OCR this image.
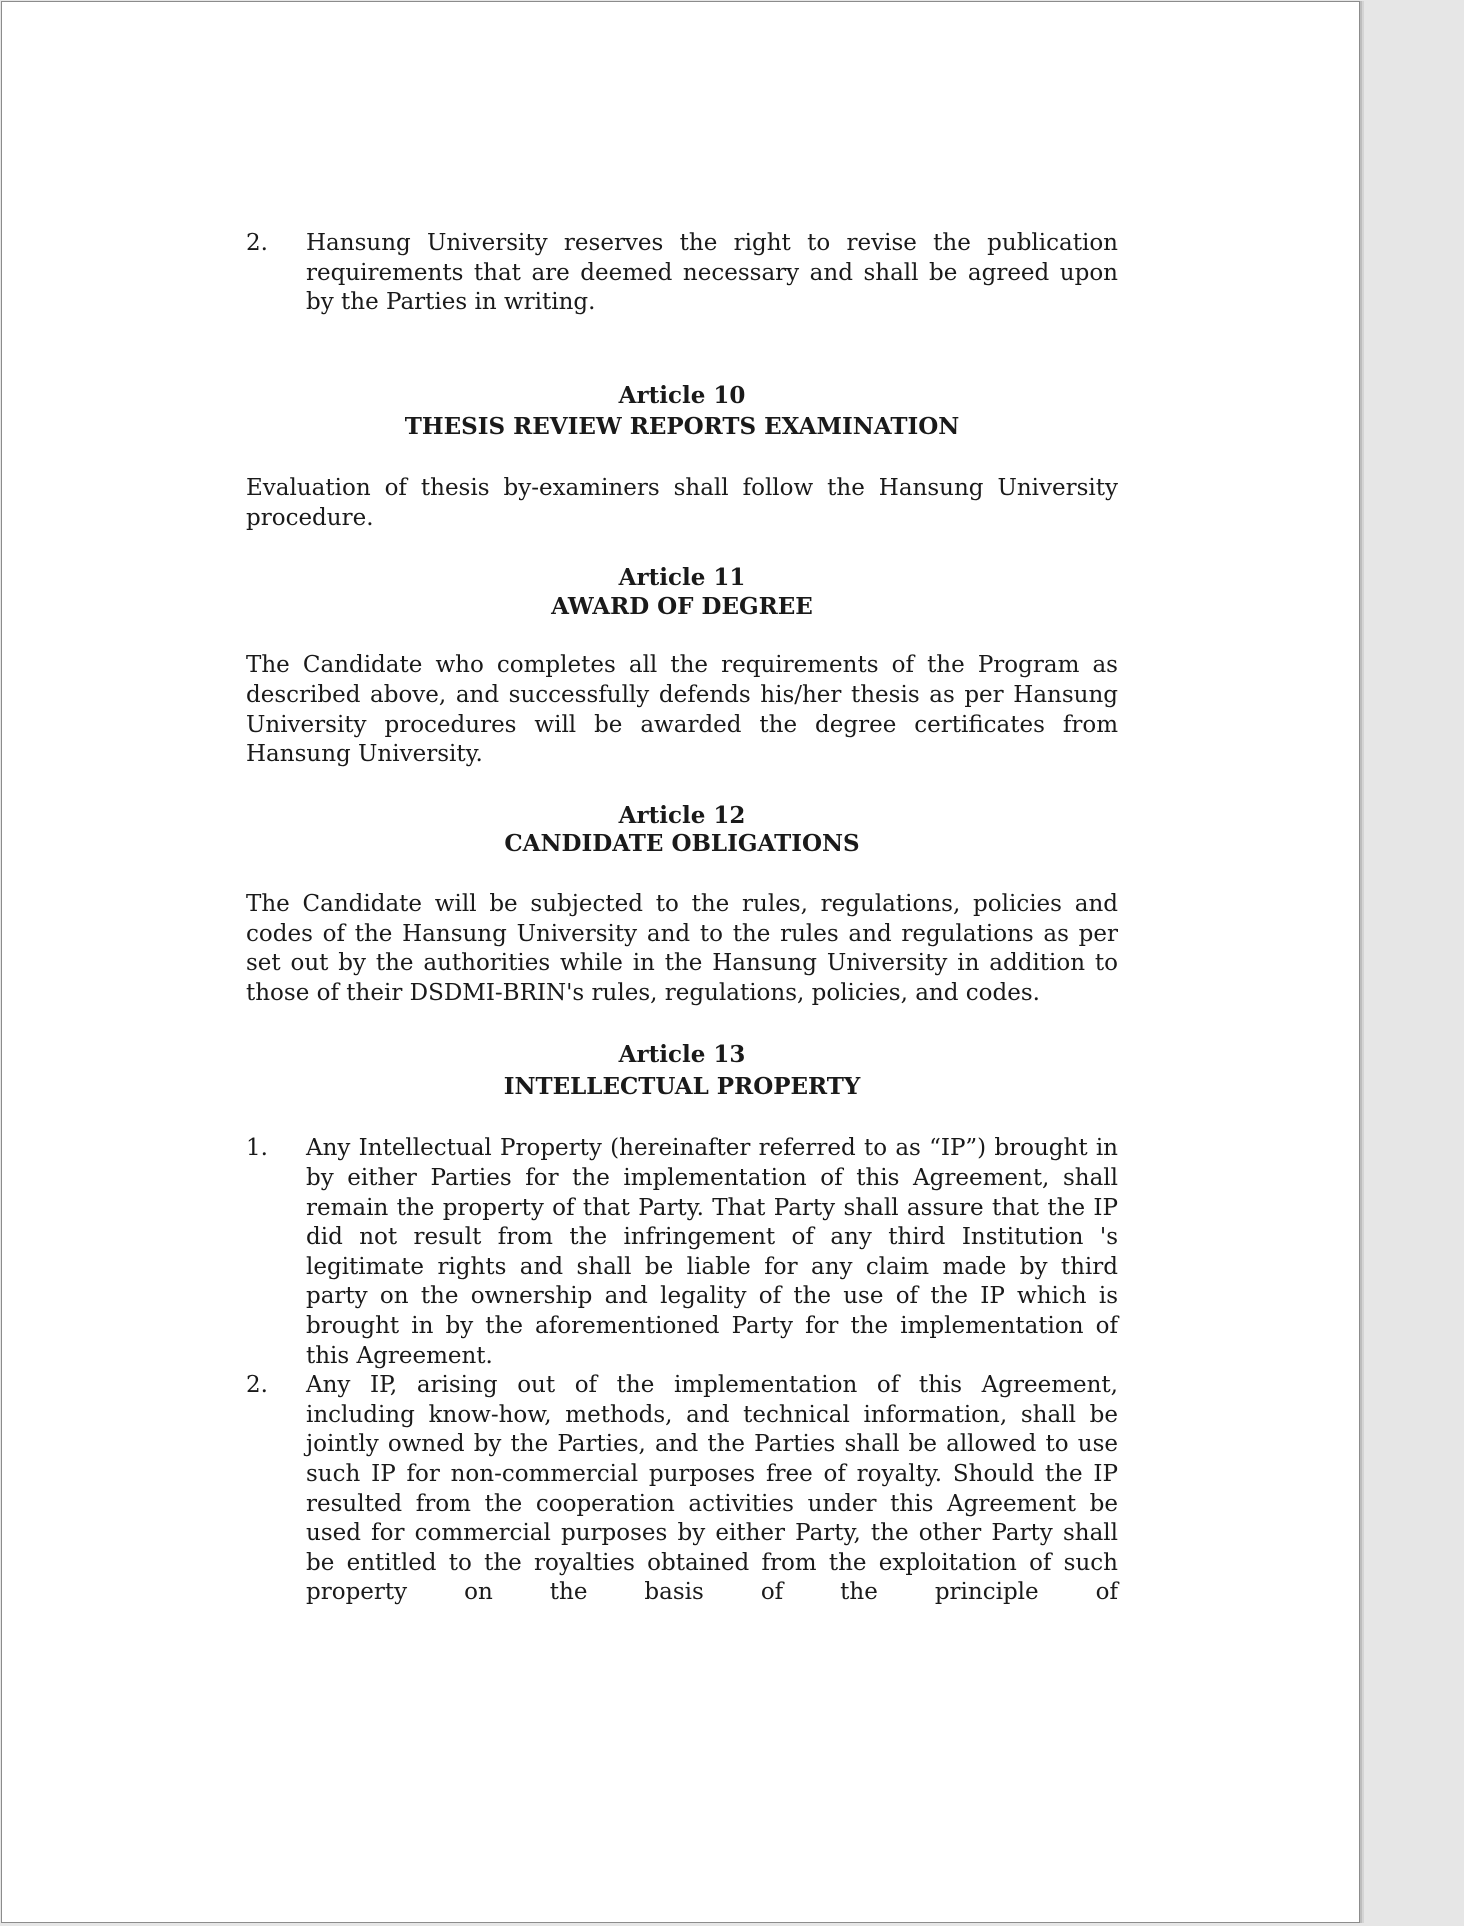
2.	Hansung University reserves the right to revise the publication requirements that are deemed necessary and shall be agreed upon by the Parties in writing.
Article 10
THESIS REVIEW REPORTS EXAMINATION

Evaluation of thesis by-examiners shall follow the Hansung University procedure.

Article 11
AWARD OF DEGREE

The Candidate who completes all the requirements of the Program as described above, and successfully defends his/her thesis as per Hansung University procedures will be awarded the degree certificates from Hansung University.

Article 12
CANDIDATE OBLIGATIONS

The Candidate will be subjected to the rules, regulations, policies and codes of the Hansung University and to the rules and regulations as per set out by the authorities while in the Hansung University in addition to those of their DSDMI-BRIN's rules, regulations, policies, and codes.

Article 13
INTELLECTUAL PROPERTY
1.	Any Intellectual Property (hereinafter referred to as “IP”) brought in by either Parties for the implementation of this Agreement, shall remain the property of that Party. That Party shall assure that the IP did not result from the infringement of any third Institution 's legitimate rights and shall be liable for any claim made by third party on the ownership and legality of the use of the IP which is brought in by the aforementioned Party for the implementation of this Agreement.
2.	Any IP, arising out of the implementation of this Agreement, including know-how, methods, and technical information, shall be jointly owned by the Parties, and the Parties shall be allowed to use such IP for non-commercial purposes free of royalty. Should the IP resulted from the cooperation activities under this Agreement be used for commercial purposes by either Party, the other Party shall be entitled to the royalties obtained from the exploitation of such property on the basis of the principle of
